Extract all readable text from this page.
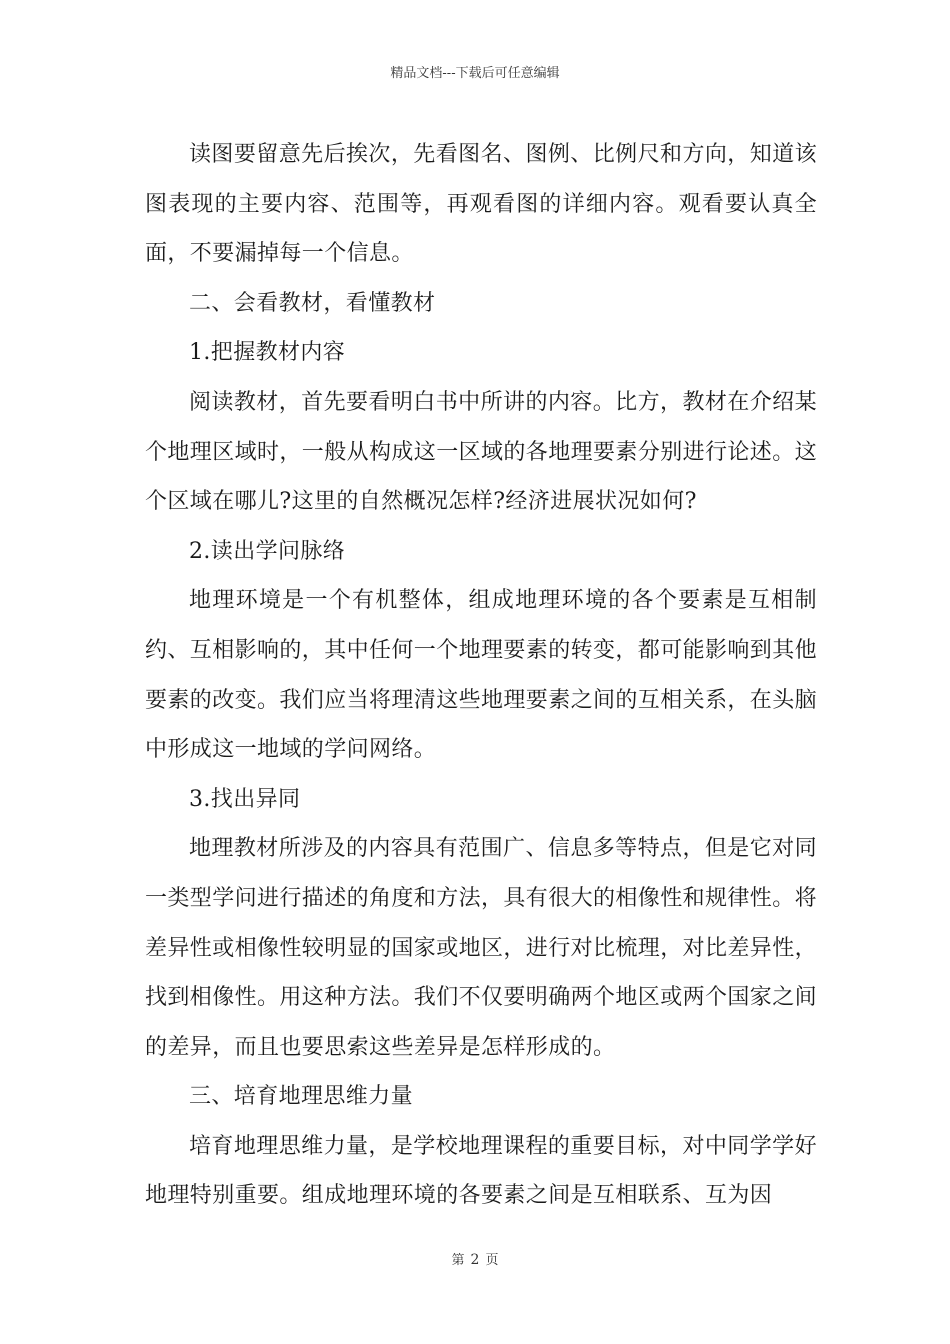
精品文档---下载后可任意编辑

读图要留意先后挨次，先看图名、图例、比例尺和方向，知道该图表现的主要内容、范围等，再观看图的详细内容。观看要认真全面，不要漏掉每一个信息。

二、会看教材，看懂教材

1.把握教材内容

阅读教材，首先要看明白书中所讲的内容。比方，教材在介绍某个地理区域时，一般从构成这一区域的各地理要素分别进行论述。这个区域在哪儿?这里的自然概况怎样?经济进展状况如何?

2.读出学问脉络

地理环境是一个有机整体，组成地理环境的各个要素是互相制约、互相影响的，其中任何一个地理要素的转变，都可能影响到其他要素的改变。我们应当将理清这些地理要素之间的互相关系，在头脑中形成这一地域的学问网络。

3.找出异同

地理教材所涉及的内容具有范围广、信息多等特点，但是它对同一类型学问进行描述的角度和方法，具有很大的相像性和规律性。将差异性或相像性较明显的国家或地区，进行对比梳理，对比差异性，找到相像性。用这种方法。我们不仅要明确两个地区或两个国家之间的差异，而且也要思索这些差异是怎样形成的。

三、培育地理思维力量

培育地理思维力量，是学校地理课程的重要目标，对中同学学好地理特别重要。组成地理环境的各要素之间是互相联系、互为因

第 2 页
